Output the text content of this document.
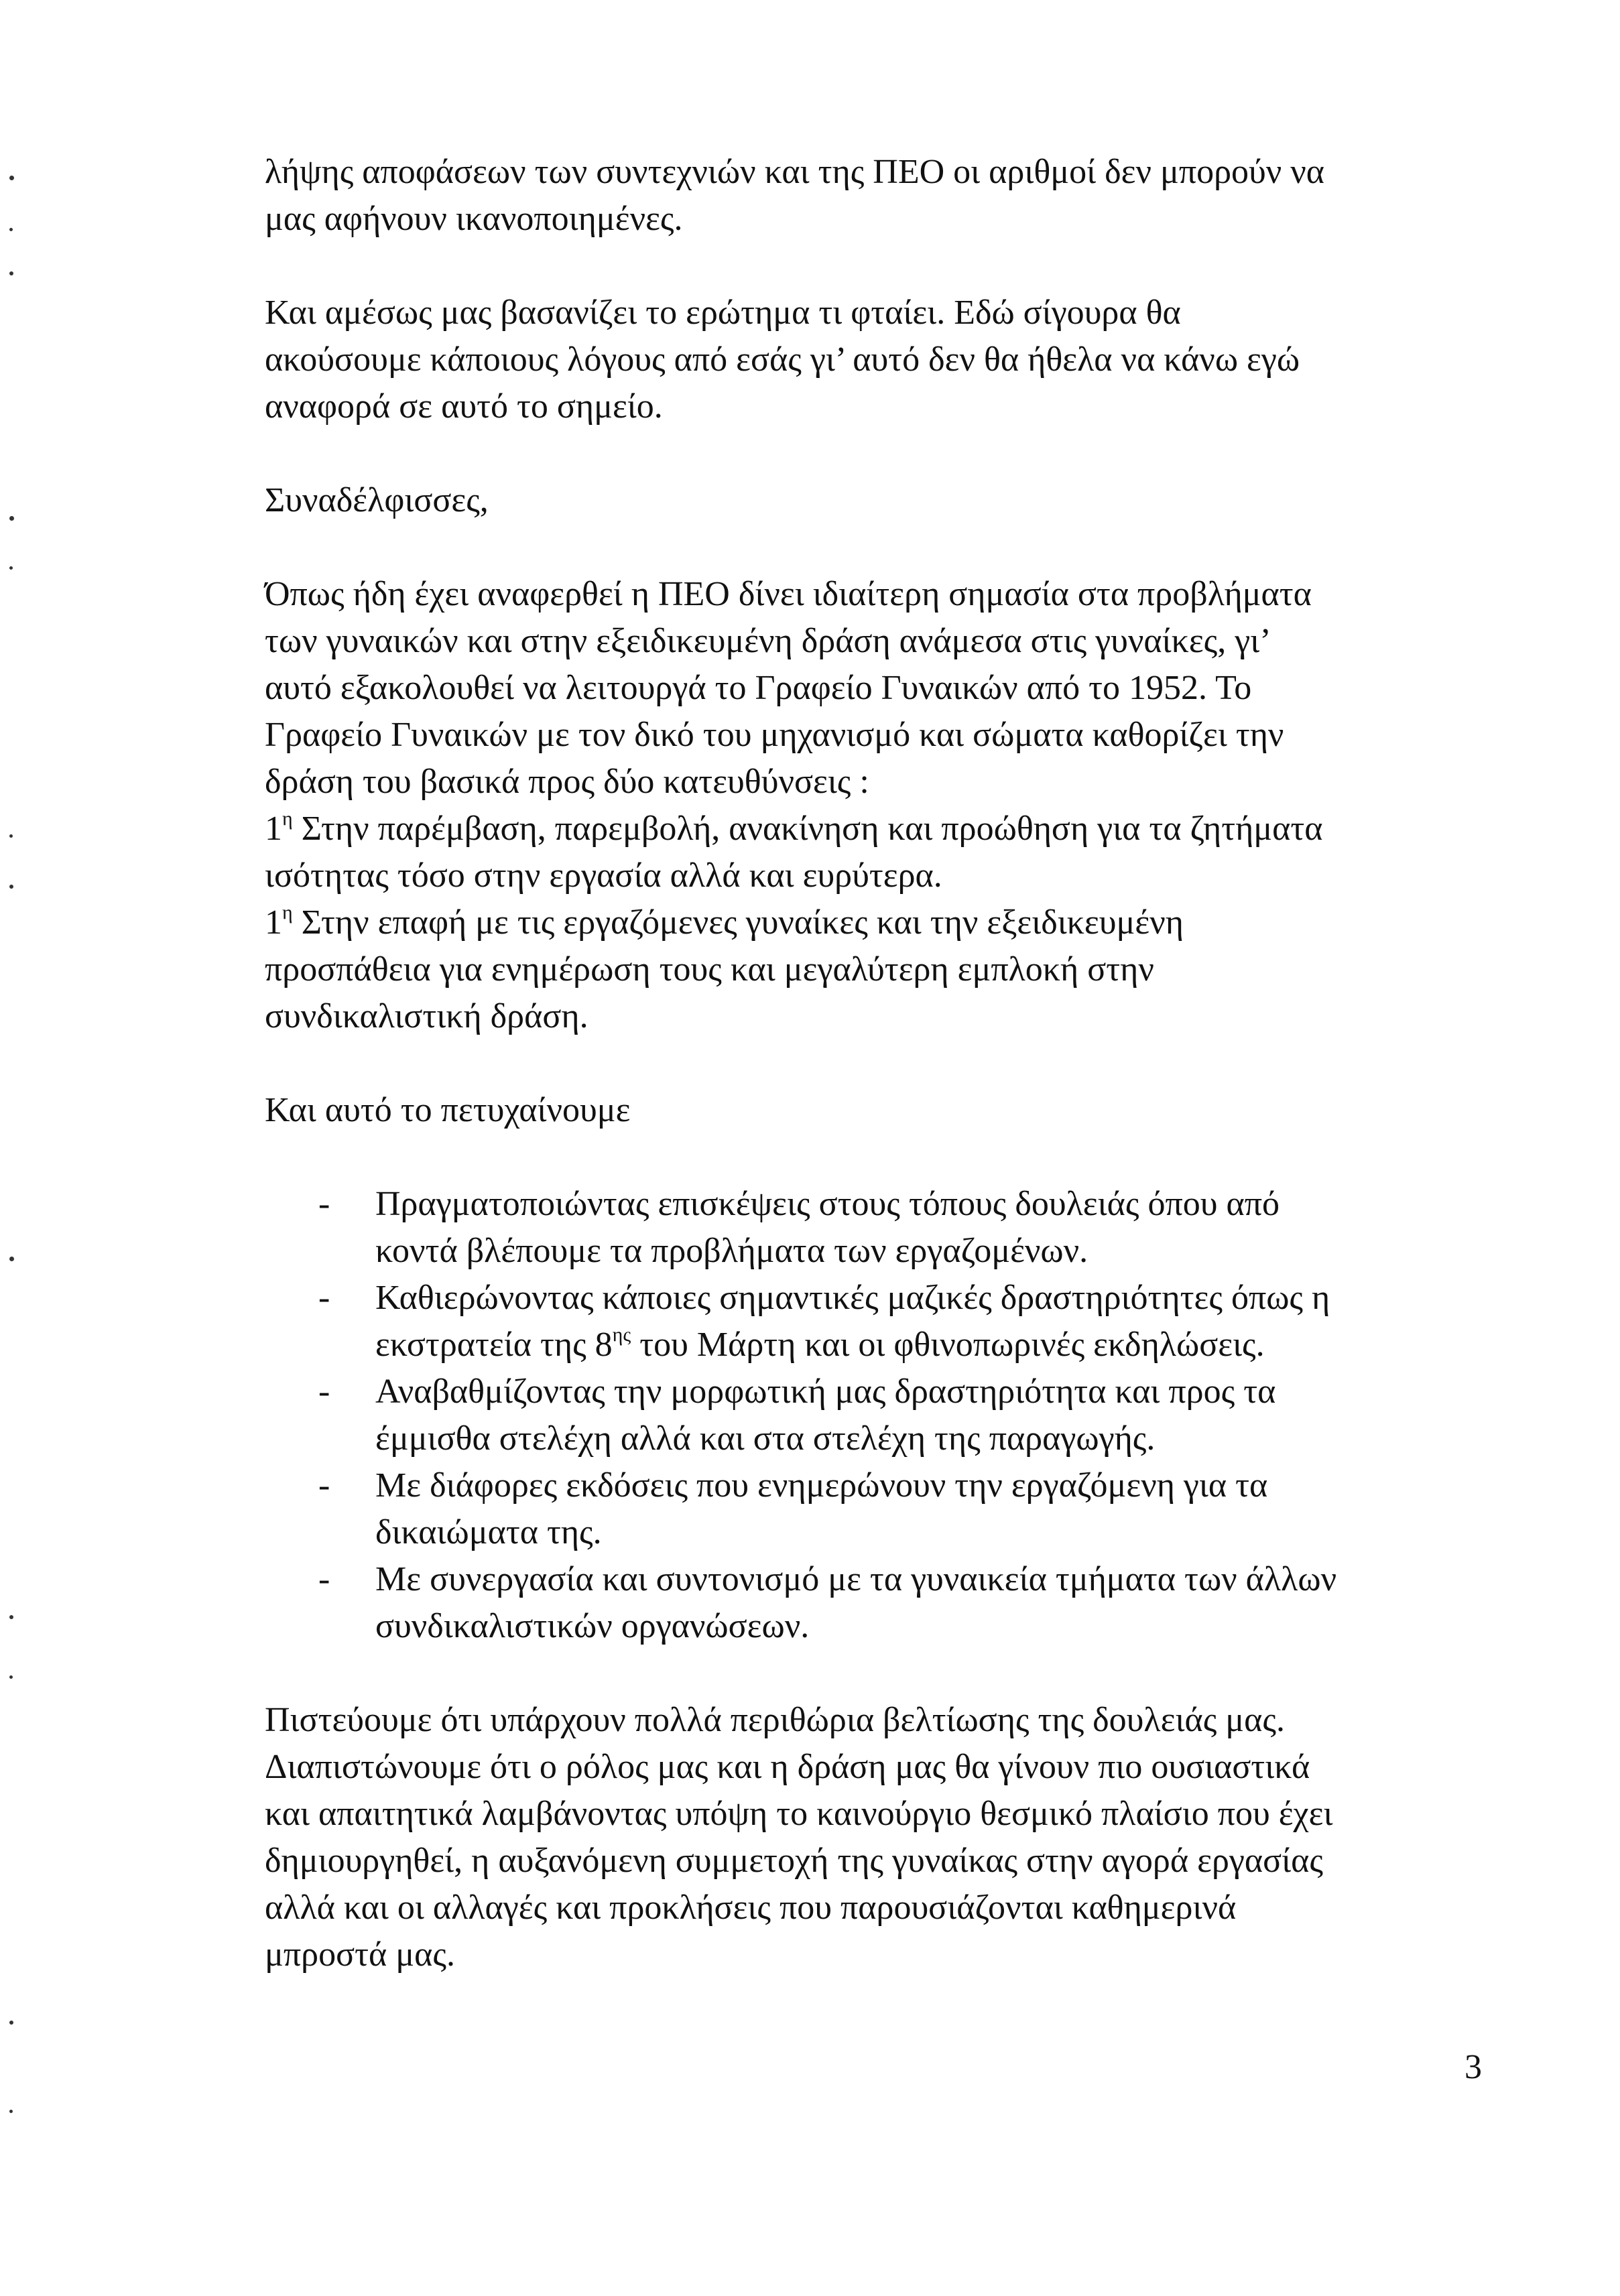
λήψης αποφάσεων των συντεχνιών και της ΠΕΟ οι αριθμοί δεν μπορούν να
μας αφήνουν ικανοποιημένες.

Και αμέσως μας βασανίζει το ερώτημα τι φταίει. Εδώ σίγουρα θα
ακούσουμε κάποιους λόγους από εσάς γι’ αυτό δεν θα ήθελα να κάνω εγώ
αναφορά σε αυτό το σημείο.

Συναδέλφισσες,

Όπως ήδη έχει αναφερθεί η ΠΕΟ δίνει ιδιαίτερη σημασία στα προβλήματα
των γυναικών και στην εξειδικευμένη δράση ανάμεσα στις γυναίκες, γι’
αυτό εξακολουθεί να λειτουργά το Γραφείο Γυναικών από το 1952. Το
Γραφείο Γυναικών με τον δικό του μηχανισμό και σώματα καθορίζει την
δράση του βασικά προς δύο κατευθύνσεις :
$1^\eta$ Στην παρέμβαση, παρεμβολή, ανακίνηση και προώθηση για τα ζητήματα
ισότητας τόσο στην εργασία αλλά και ευρύτερα.
$1^\eta$ Στην επαφή με τις εργαζόμενες γυναίκες και την εξειδικευμένη
προσπάθεια για ενημέρωση τους και μεγαλύτερη εμπλοκή στην
συνδικαλιστική δράση.

Και αυτό το πετυχαίνουμε

- Πραγματοποιώντας επισκέψεις στους τόπους δουλειάς όπου από
κοντά βλέπουμε τα προβλήματα των εργαζομένων.
- Καθιερώνοντας κάποιες σημαντικές μαζικές δραστηριότητες όπως η
εκστρατεία της $8^{\eta\varsigma}$ του Μάρτη και οι φθινοπωρινές εκδηλώσεις.
- Αναβαθμίζοντας την μορφωτική μας δραστηριότητα και προς τα
έμμισθα στελέχη αλλά και στα στελέχη της παραγωγής.
- Με διάφορες εκδόσεις που ενημερώνουν την εργαζόμενη για τα
δικαιώματα της.
- Με συνεργασία και συντονισμό με τα γυναικεία τμήματα των άλλων
συνδικαλιστικών οργανώσεων.

Πιστεύουμε ότι υπάρχουν πολλά περιθώρια βελτίωσης της δουλειάς μας.
Διαπιστώνουμε ότι ο ρόλος μας και η δράση μας θα γίνουν πιο ουσιαστικά
και απαιτητικά λαμβάνοντας υπόψη το καινούργιο θεσμικό πλαίσιο που έχει
δημιουργηθεί, η αυξανόμενη συμμετοχή της γυναίκας στην αγορά εργασίας
αλλά και οι αλλαγές και προκλήσεις που παρουσιάζονται καθημερινά
μπροστά μας.

3
